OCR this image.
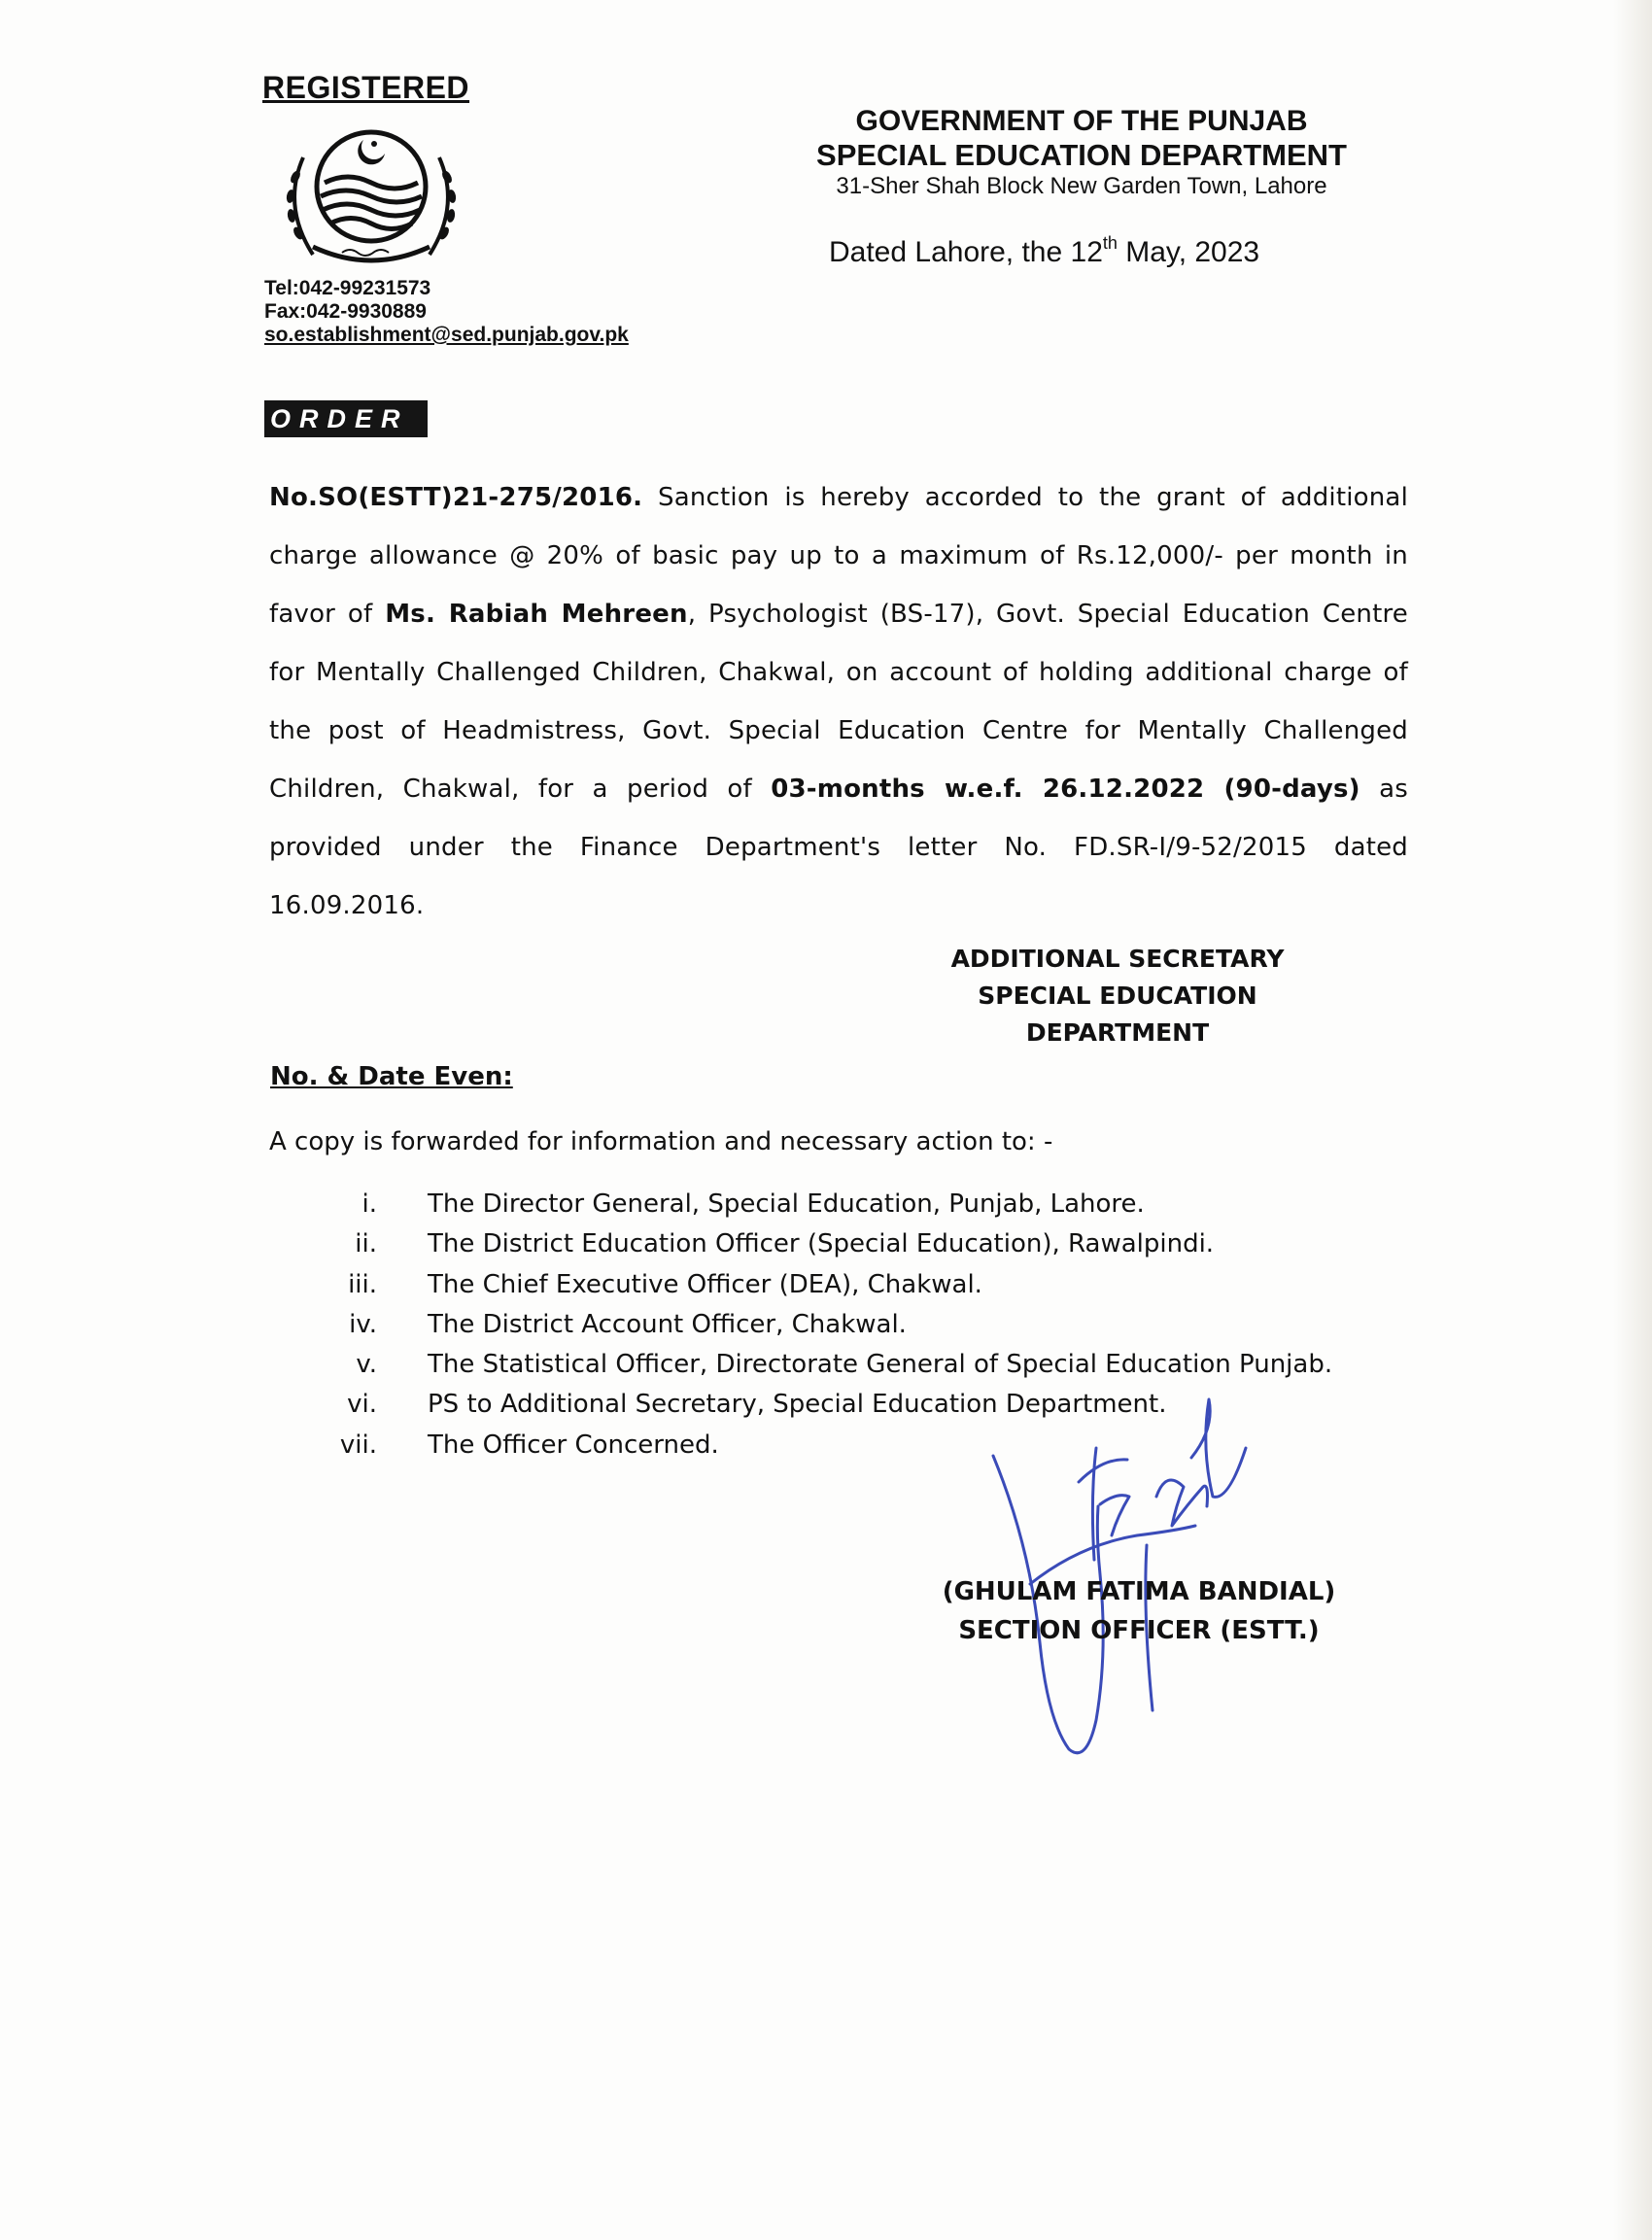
REGISTERED
Tel:042-99231573
Fax:042-9930889
so.establishment@sed.punjab.gov.pk
GOVERNMENT OF THE PUNJAB
SPECIAL EDUCATION DEPARTMENT
31-Sher Shah Block New Garden Town, Lahore
Dated Lahore, the 12th May, 2023
ORDER

No.SO(ESTT)21-275/2016. Sanction is hereby accorded to the grant of additional charge allowance @ 20% of basic pay up to a maximum of Rs.12,000/- per month in favor of Ms. Rabiah Mehreen, Psychologist (BS-17), Govt. Special Education Centre for Mentally Challenged Children, Chakwal, on account of holding additional charge of the post of Headmistress, Govt. Special Education Centre for Mentally Challenged Children, Chakwal, for a period of 03-months w.e.f. 26.12.2022 (90-days) as provided under the Finance Department's letter No. FD.SR-I/9-52/2015 dated 16.09.2016.

ADDITIONAL SECRETARY
SPECIAL EDUCATION
DEPARTMENT
No. & Date Even:
A copy is forwarded for information and necessary action to: -
i. The Director General, Special Education, Punjab, Lahore.
ii. The District Education Officer (Special Education), Rawalpindi.
iii. The Chief Executive Officer (DEA), Chakwal.
iv. The District Account Officer, Chakwal.
v. The Statistical Officer, Directorate General of Special Education Punjab.
vi. PS to Additional Secretary, Special Education Department.
vii. The Officer Concerned.
(GHULAM FATIMA BANDIAL)
SECTION OFFICER (ESTT.)
